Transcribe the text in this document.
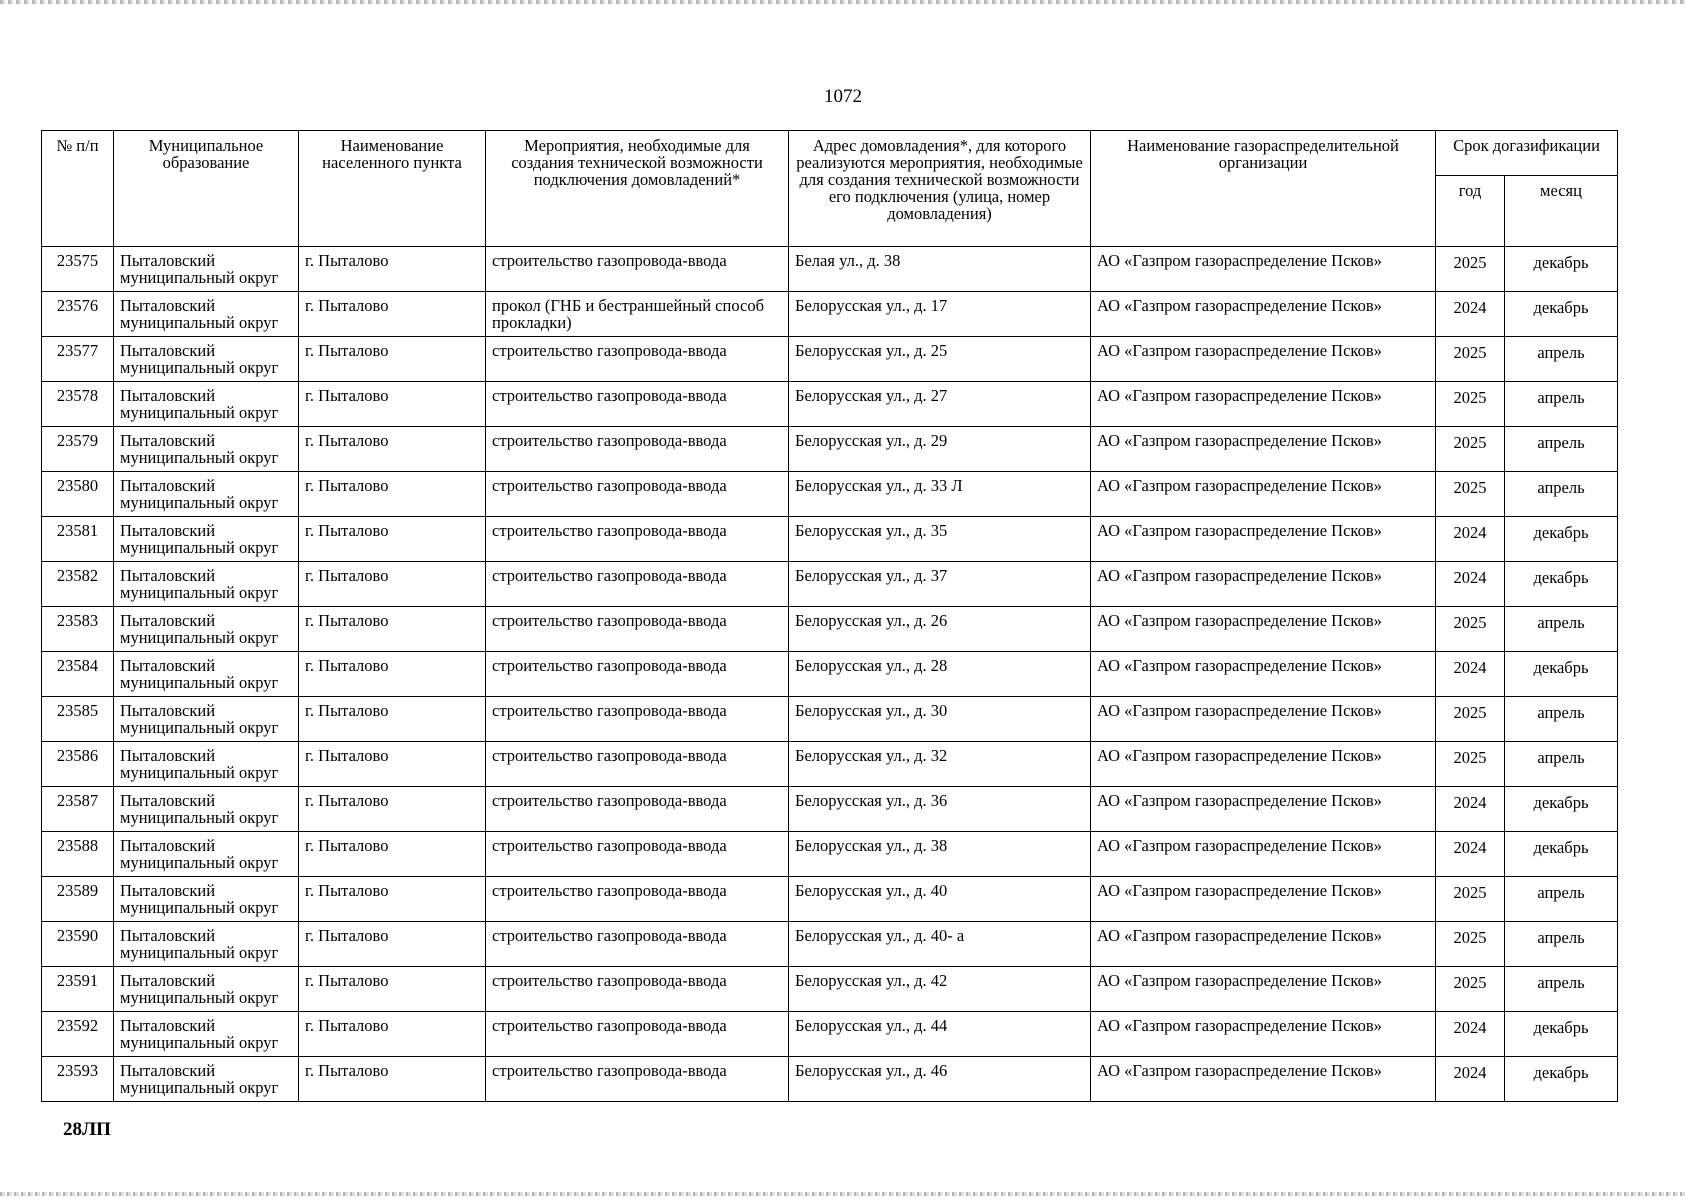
1072
№ п/п	Муниципальное образование	Наименование населенного пункта	Мероприятия, необходимые для создания технической возможности подключения домовладений*	Адрес домовладения*, для которого реализуются мероприятия, необходимые для создания технической возможности его подключения (улица, номер домовладения)	Наименование газораспределительной организации	Срок догазификации	
						год	месяц
23575	Пыталовский муниципальный округ	г. Пыталово	строительство газопровода-ввода	Белая ул., д. 38	АО «Газпром газораспределение Псков»	2025	декабрь
23576	Пыталовский муниципальный округ	г. Пыталово	прокол (ГНБ и бестраншейный способ прокладки)	Белорусская ул., д. 17	АО «Газпром газораспределение Псков»	2024	декабрь
23577	Пыталовский муниципальный округ	г. Пыталово	строительство газопровода-ввода	Белорусская ул., д. 25	АО «Газпром газораспределение Псков»	2025	апрель
23578	Пыталовский муниципальный округ	г. Пыталово	строительство газопровода-ввода	Белорусская ул., д. 27	АО «Газпром газораспределение Псков»	2025	апрель
23579	Пыталовский муниципальный округ	г. Пыталово	строительство газопровода-ввода	Белорусская ул., д. 29	АО «Газпром газораспределение Псков»	2025	апрель
23580	Пыталовский муниципальный округ	г. Пыталово	строительство газопровода-ввода	Белорусская ул., д. 33 Л	АО «Газпром газораспределение Псков»	2025	апрель
23581	Пыталовский муниципальный округ	г. Пыталово	строительство газопровода-ввода	Белорусская ул., д. 35	АО «Газпром газораспределение Псков»	2024	декабрь
23582	Пыталовский муниципальный округ	г. Пыталово	строительство газопровода-ввода	Белорусская ул., д. 37	АО «Газпром газораспределение Псков»	2024	декабрь
23583	Пыталовский муниципальный округ	г. Пыталово	строительство газопровода-ввода	Белорусская ул., д. 26	АО «Газпром газораспределение Псков»	2025	апрель
23584	Пыталовский муниципальный округ	г. Пыталово	строительство газопровода-ввода	Белорусская ул., д. 28	АО «Газпром газораспределение Псков»	2024	декабрь
23585	Пыталовский муниципальный округ	г. Пыталово	строительство газопровода-ввода	Белорусская ул., д. 30	АО «Газпром газораспределение Псков»	2025	апрель
23586	Пыталовский муниципальный округ	г. Пыталово	строительство газопровода-ввода	Белорусская ул., д. 32	АО «Газпром газораспределение Псков»	2025	апрель
23587	Пыталовский муниципальный округ	г. Пыталово	строительство газопровода-ввода	Белорусская ул., д. 36	АО «Газпром газораспределение Псков»	2024	декабрь
23588	Пыталовский муниципальный округ	г. Пыталово	строительство газопровода-ввода	Белорусская ул., д. 38	АО «Газпром газораспределение Псков»	2024	декабрь
23589	Пыталовский муниципальный округ	г. Пыталово	строительство газопровода-ввода	Белорусская ул., д. 40	АО «Газпром газораспределение Псков»	2025	апрель
23590	Пыталовский муниципальный округ	г. Пыталово	строительство газопровода-ввода	Белорусская ул., д. 40- а	АО «Газпром газораспределение Псков»	2025	апрель
23591	Пыталовский муниципальный округ	г. Пыталово	строительство газопровода-ввода	Белорусская ул., д. 42	АО «Газпром газораспределение Псков»	2025	апрель
23592	Пыталовский муниципальный округ	г. Пыталово	строительство газопровода-ввода	Белорусская ул., д. 44	АО «Газпром газораспределение Псков»	2024	декабрь
23593	Пыталовский муниципальный округ	г. Пыталово	строительство газопровода-ввода	Белорусская ул., д. 46	АО «Газпром газораспределение Псков»	2024	декабрь
28ЛП
